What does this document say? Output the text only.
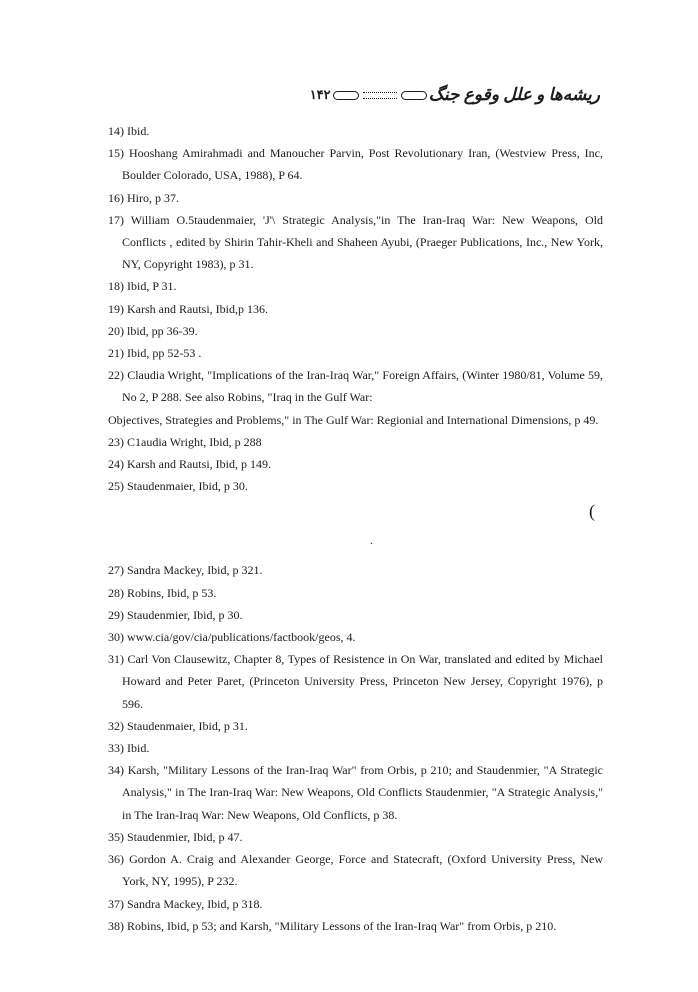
۱۴۲	ریشه‌ها و علل وقوع جنگ

14) Ibid.

15) Hooshang Amirahmadi and Manoucher Parvin, Post Revolutionary Iran, (Westview Press, Inc, Boulder Colorado, USA, 1988), P 64.

16) Hiro, p 37.

17) William O.5taudenmaier, 'J'\ Strategic Analysis,"in The Iran-Iraq War: New Weapons, Old Conflicts , edited by Shirin Tahir-Kheli and Shaheen Ayubi, (Praeger Publications, Inc., New York, NY, Copyright 1983), p 31.

18) Ibid, P 31.

19) Karsh and Rautsi, Ibid,p 136.

20) lbid, pp 36-39.

21) Ibid, pp 52-53 .

22) Claudia Wright, "Implications of the Iran-Iraq War," Foreign Affairs, (Winter 1980/81, Volume 59, No 2, P 288. See also Robins, "Iraq in the Gulf War:

Objectives, Strategies and Problems," in The Gulf War: Regionial and International Dimensions, p 49.

23) C1audia Wright, Ibid, p 288

24) Karsh and Rautsi, Ibid, p 149.

25) Staudenmaier, Ibid, p 30.

(
.

27) Sandra Mackey, Ibid, p 321.

28) Robins, Ibid, p 53.

29) Staudenmier, Ibid, p 30.

30) www.cia/gov/cia/publications/factbook/geos, 4.

31) Carl Von Clausewitz, Chapter 8, Types of Resistence in On War, translated and edited by Michael Howard and Peter Paret, (Princeton University Press, Princeton New Jersey, Copyright 1976), p 596.

32) Staudenmaier, Ibid, p 31.

33) Ibid.

34) Karsh, "Military Lessons of the Iran-Iraq War" from Orbis, p 210; and Staudenmier, "A Strategic Analysis," in The Iran-Iraq War: New Weapons, Old Conflicts Staudenmier, "A Strategic Analysis," in The Iran-Iraq War: New Weapons, Old Conflicts, p 38.

35) Staudenmier, Ibid, p 47.

36) Gordon A. Craig and Alexander George, Force and Statecraft, (Oxford University Press, New York, NY, 1995), P 232.

37) Sandra Mackey, Ibid, p 318.

38) Robins, Ibid, p 53; and Karsh, "Military Lessons of the Iran-Iraq War" from Orbis, p 210.
